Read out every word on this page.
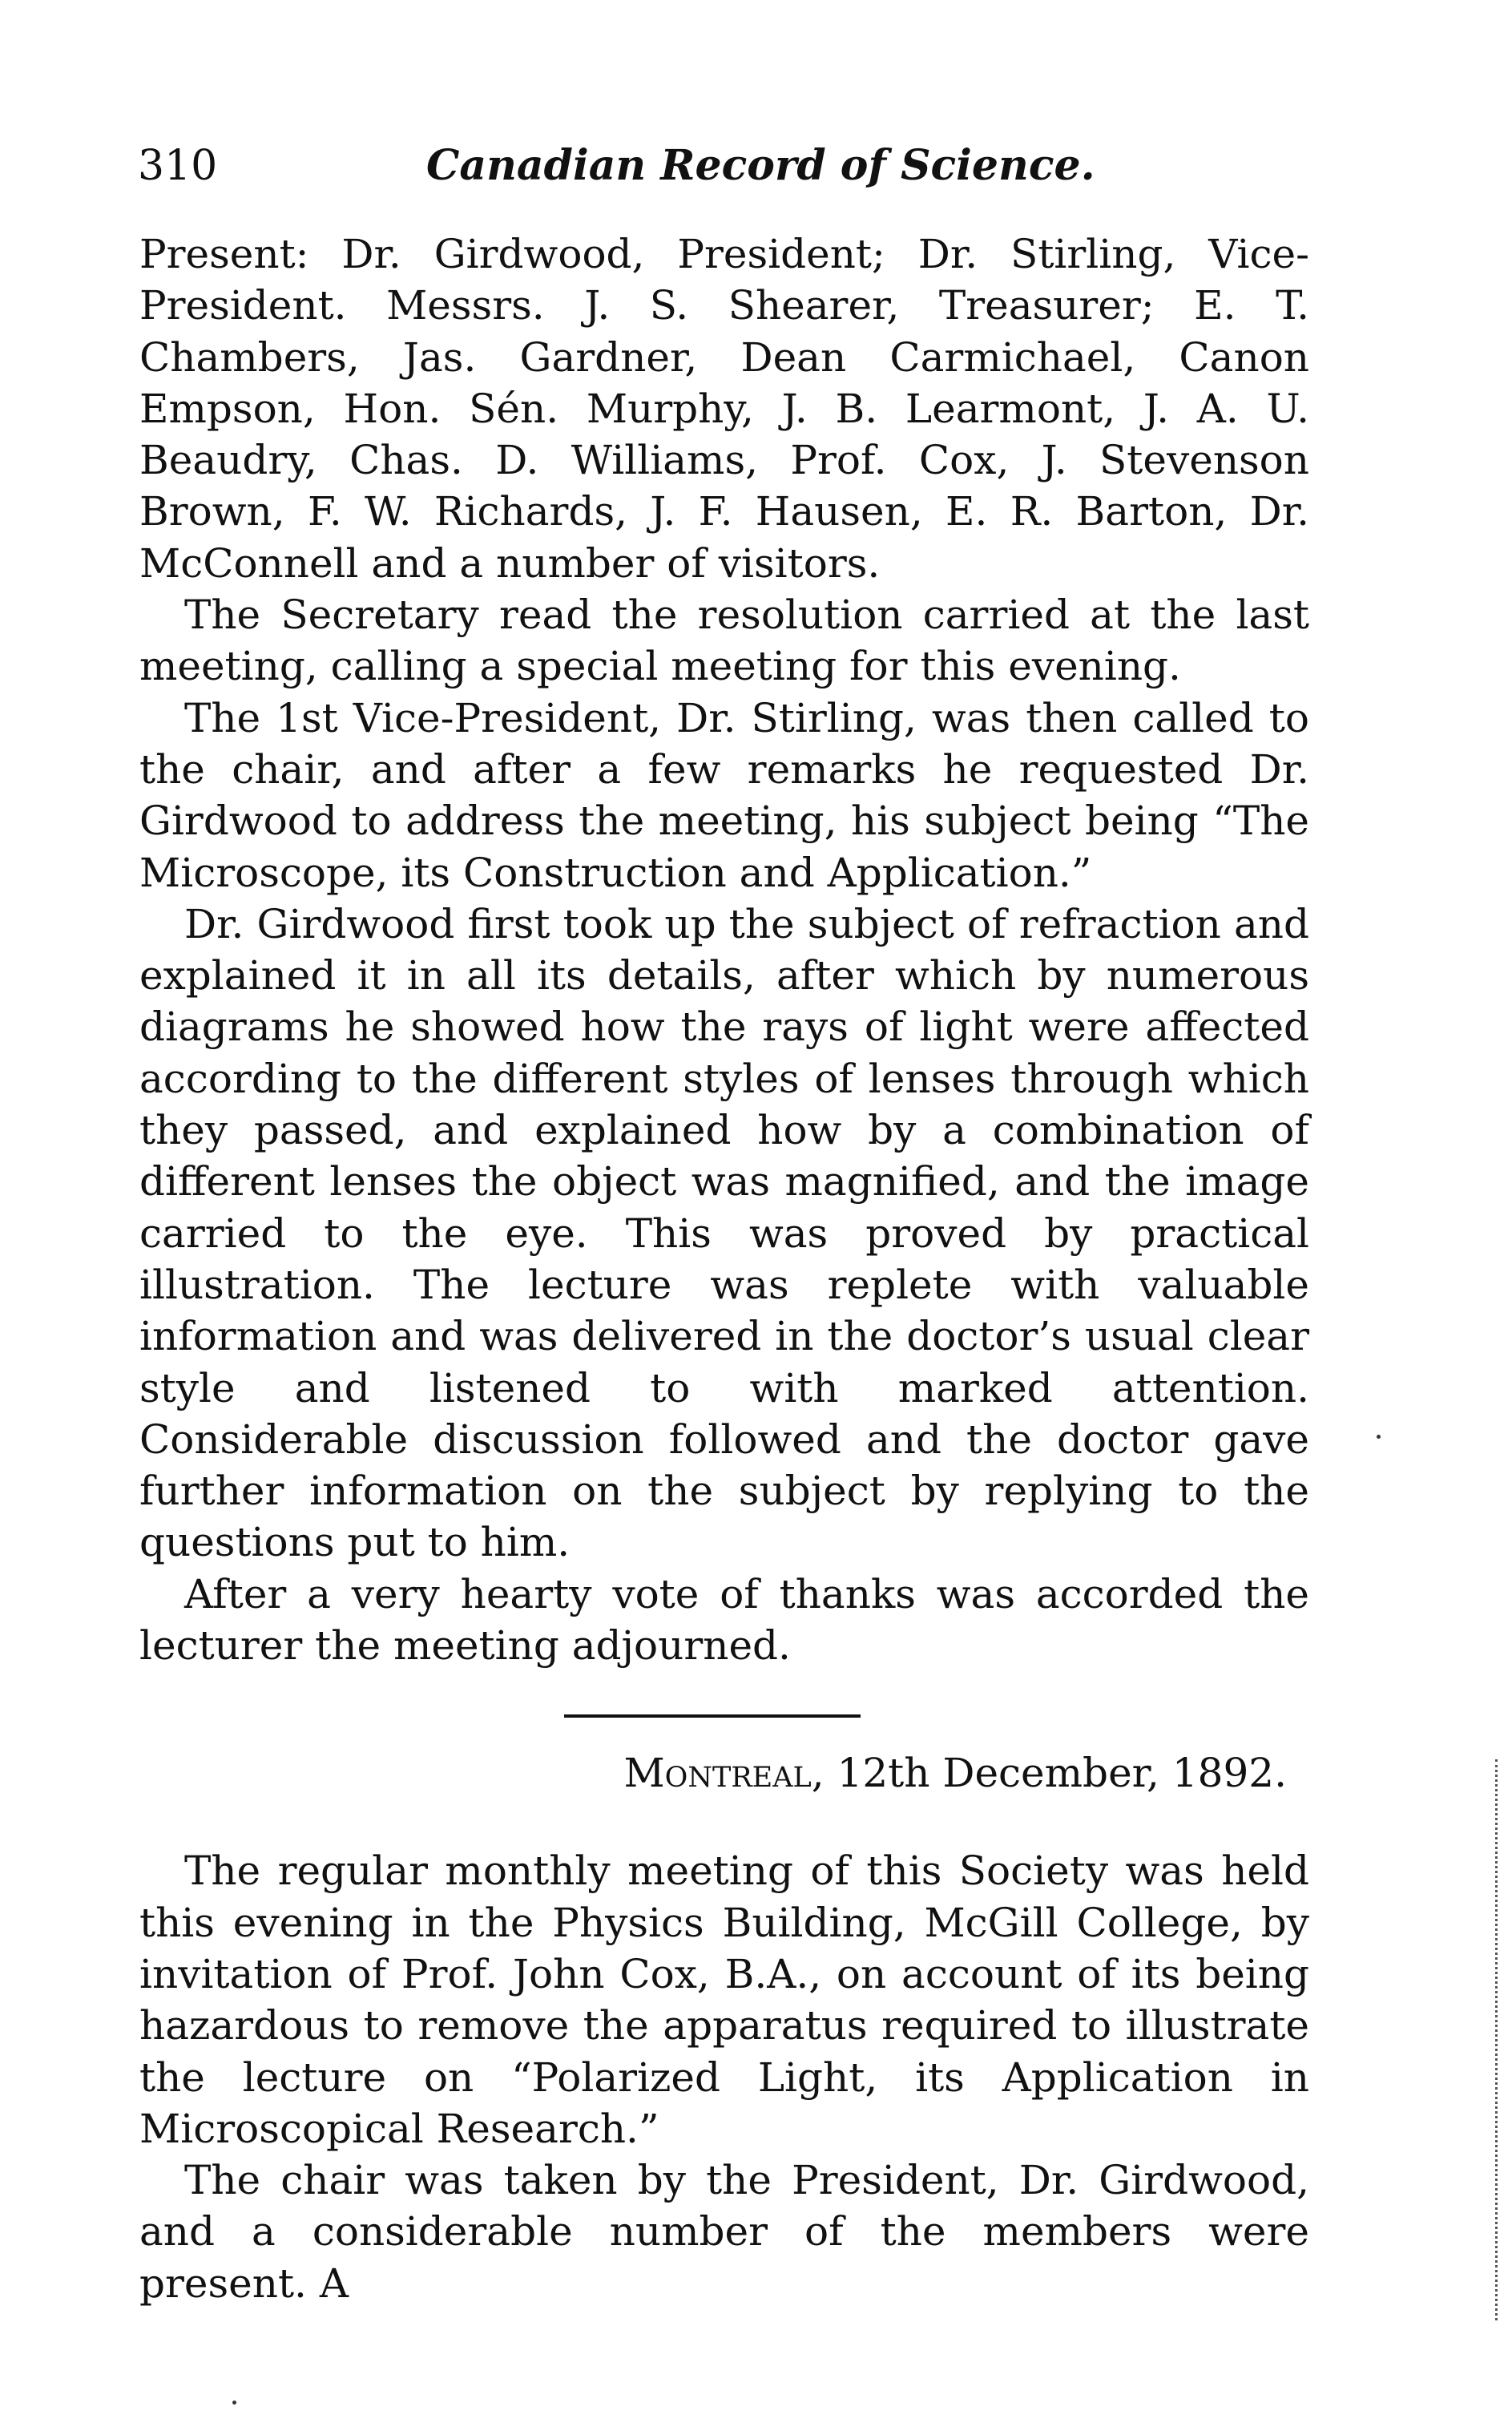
310	Canadian Record of Science.

Present: Dr. Girdwood, President; Dr. Stirling, Vice-President. Messrs. J. S. Shearer, Treasurer; E. T. Chambers, Jas. Gardner, Dean Carmichael, Canon Empson, Hon. Sén. Murphy, J. B. Learmont, J. A. U. Beaudry, Chas. D. Williams, Prof. Cox, J. Stevenson Brown, F. W. Richards, J. F. Hausen, E. R. Barton, Dr. McConnell and a number of visitors.

The Secretary read the resolution carried at the last meeting, calling a special meeting for this evening.

The 1st Vice-President, Dr. Stirling, was then called to the chair, and after a few remarks he requested Dr. Girdwood to address the meeting, his subject being “The Microscope, its Construction and Application.”

Dr. Girdwood first took up the subject of refraction and explained it in all its details, after which by numerous diagrams he showed how the rays of light were affected according to the different styles of lenses through which they passed, and explained how by a combination of different lenses the object was magnified, and the image carried to the eye. This was proved by practical illustration. The lecture was replete with valuable information and was delivered in the doctor’s usual clear style and listened to with marked attention. Considerable discussion followed and the doctor gave further information on the subject by replying to the questions put to him.

After a very hearty vote of thanks was accorded the lecturer the meeting adjourned.

Montreal, 12th December, 1892.

The regular monthly meeting of this Society was held this evening in the Physics Building, McGill College, by invitation of Prof. John Cox, B.A., on account of its being hazardous to remove the apparatus required to illustrate the lecture on “Polarized Light, its Application in Microscopical Research.”

The chair was taken by the President, Dr. Girdwood, and a considerable number of the members were present. A
